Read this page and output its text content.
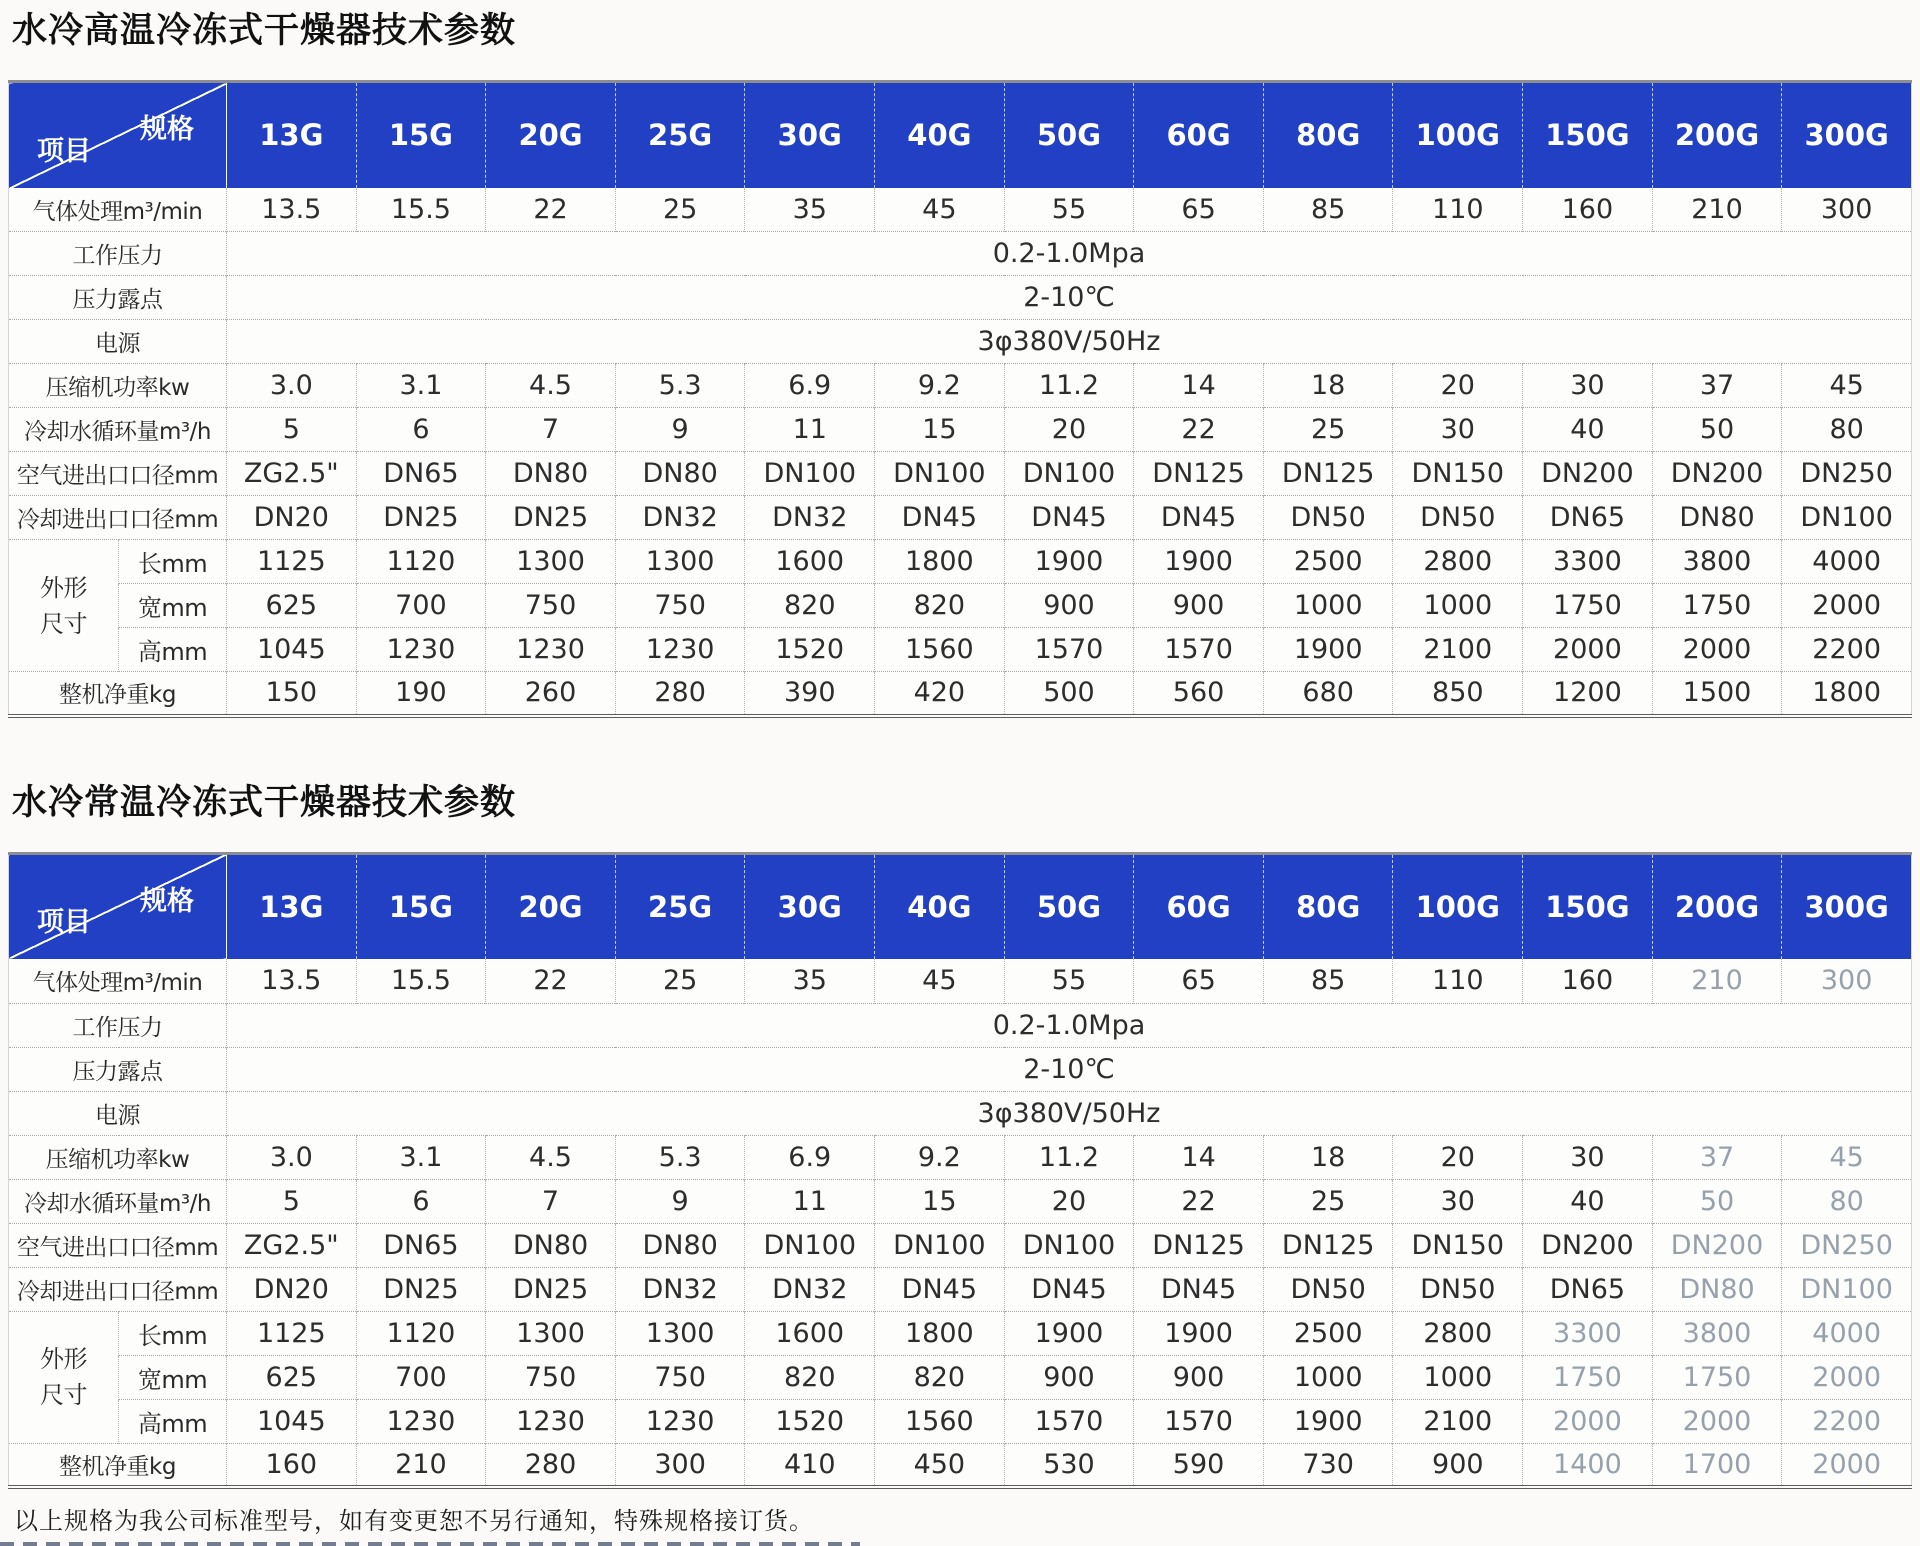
水冷高温冷冻式干燥器技术参数
规格
项目		13G	15G	20G	25G	30G	40G	50G	60G	80G	100G	150G	200G	300G
气体处理m³/min		13.5	15.5	22	25	35	45	55	65	85	110	160	210	300
工作压力		0.2-1.0Mpa												
压力露点		2-10℃												
电源		3φ380V/50Hz												
压缩机功率kw		3.0	3.1	4.5	5.3	6.9	9.2	11.2	14	18	20	30	37	45
冷却水循环量m³/h		5	6	7	9	11	15	20	22	25	30	40	50	80
空气进出口口径mm		ZG2.5"	DN65	DN80	DN80	DN100	DN100	DN100	DN125	DN125	DN150	DN200	DN200	DN250
冷却进出口口径mm		DN20	DN25	DN25	DN32	DN32	DN45	DN45	DN45	DN50	DN50	DN65	DN80	DN100
外形尺寸	长mm	1125	1120	1300	1300	1600	1800	1900	1900	2500	2800	3300	3800	4000
	宽mm	625	700	750	750	820	820	900	900	1000	1000	1750	1750	2000
	高mm	1045	1230	1230	1230	1520	1560	1570	1570	1900	2100	2000	2000	2200
整机净重kg		150	190	260	280	390	420	500	560	680	850	1200	1500	1800
水冷常温冷冻式干燥器技术参数
规格
项目		13G	15G	20G	25G	30G	40G	50G	60G	80G	100G	150G	200G	300G
气体处理m³/min		13.5	15.5	22	25	35	45	55	65	85	110	160	210	300
工作压力		0.2-1.0Mpa												
压力露点		2-10℃												
电源		3φ380V/50Hz												
压缩机功率kw		3.0	3.1	4.5	5.3	6.9	9.2	11.2	14	18	20	30	37	45
冷却水循环量m³/h		5	6	7	9	11	15	20	22	25	30	40	50	80
空气进出口口径mm		ZG2.5"	DN65	DN80	DN80	DN100	DN100	DN100	DN125	DN125	DN150	DN200	DN200	DN250
冷却进出口口径mm		DN20	DN25	DN25	DN32	DN32	DN45	DN45	DN45	DN50	DN50	DN65	DN80	DN100
外形尺寸	长mm	1125	1120	1300	1300	1600	1800	1900	1900	2500	2800	3300	3800	4000
	宽mm	625	700	750	750	820	820	900	900	1000	1000	1750	1750	2000
	高mm	1045	1230	1230	1230	1520	1560	1570	1570	1900	2100	2000	2000	2200
整机净重kg		160	210	280	300	410	450	530	590	730	900	1400	1700	2000

以上规格为我公司标准型号，如有变更恕不另行通知，特殊规格接订货。
